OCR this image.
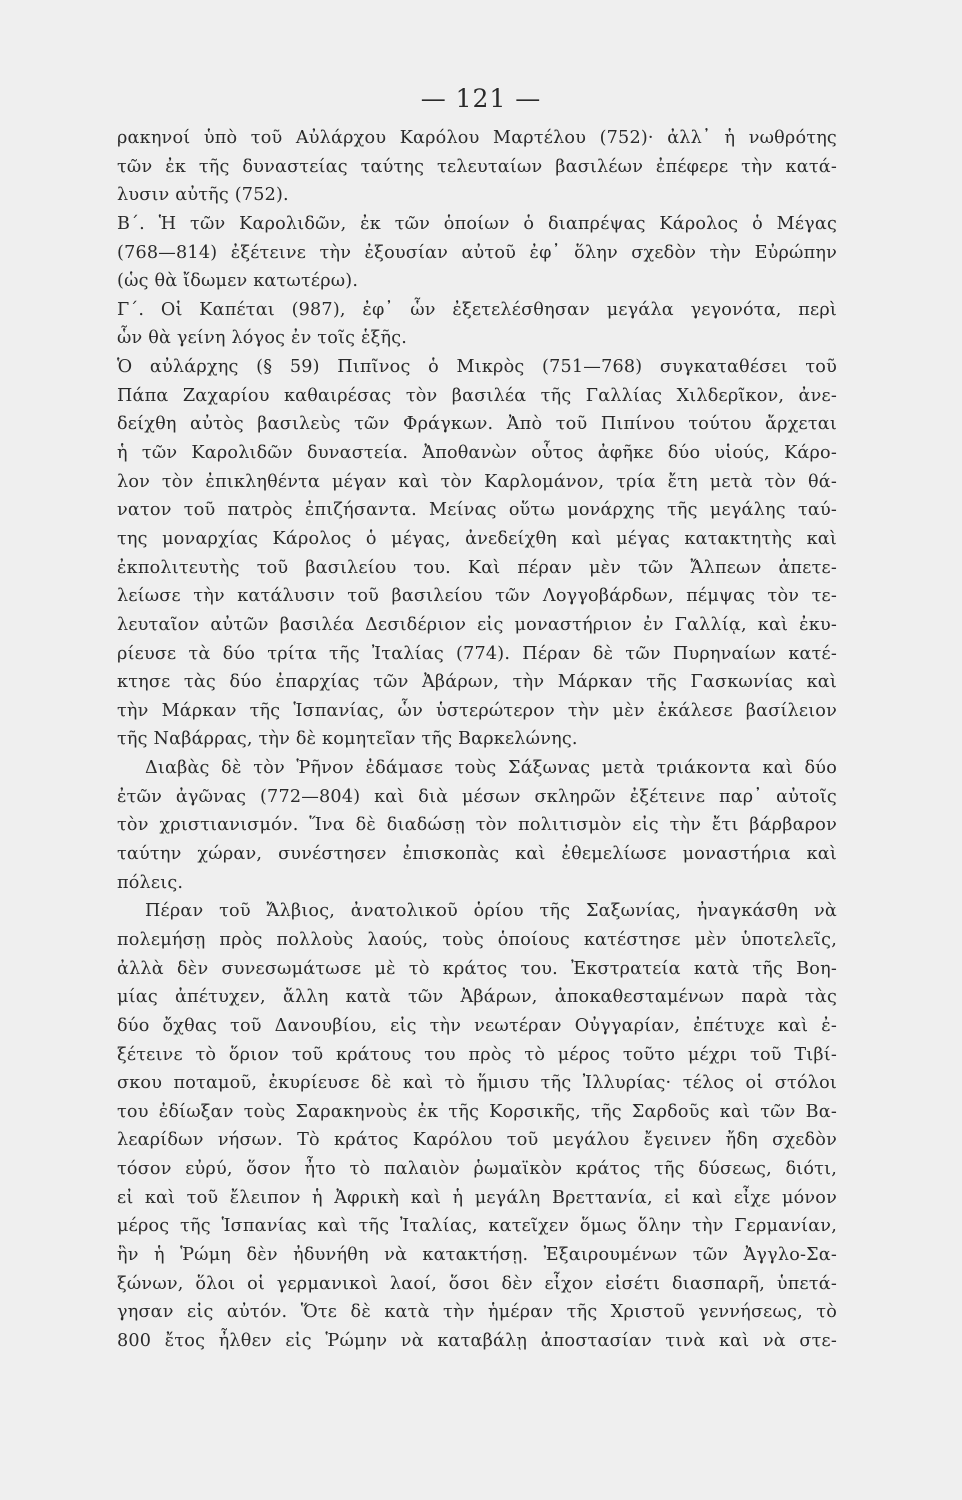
— 121 —
ρακηνοί ὑπὸ τοῦ Αὐλάρχου Καρόλου Μαρτέλου (752)· ἀλλ᾽ ἡ νωθρότης
τῶν ἐκ τῆς δυναστείας ταύτης τελευταίων βασιλέων ἐπέφερε τὴν κατά-
λυσιν αὐτῆς (752).
Β΄. Ἡ τῶν Καρολιδῶν, ἐκ τῶν ὁποίων ὁ διαπρέψας Κάρολος ὁ Μέγας
(768—814) ἐξέτεινε τὴν ἐξουσίαν αὐτοῦ ἐφ᾽ ὅλην σχεδὸν τὴν Εὐρώπην
(ὡς θὰ ἴδωμεν κατωτέρω).
Γ΄. Οἱ Καπέται (987), ἐφ᾽ ὧν ἐξετελέσθησαν μεγάλα γεγονότα, περὶ
ὧν θὰ γείνη λόγος ἐν τοῖς ἑξῆς.
Ὁ αὐλάρχης (§ 59) Πιπῖνος ὁ Μικρὸς (751—768) συγκαταθέσει τοῦ
Πάπα Ζαχαρίου καθαιρέσας τὸν βασιλέα τῆς Γαλλίας Χιλδερῖκον, ἀνε-
δείχθη αὐτὸς βασιλεὺς τῶν Φράγκων. Ἀπὸ τοῦ Πιπίνου τούτου ἄρχεται
ἡ τῶν Καρολιδῶν δυναστεία. Ἀποθανὼν οὗτος ἀφῆκε δύο υἱούς, Κάρο-
λον τὸν ἐπικληθέντα μέγαν καὶ τὸν Καρλομάνον, τρία ἔτη μετὰ τὸν θά-
νατον τοῦ πατρὸς ἐπιζήσαντα. Μείνας οὕτω μονάρχης τῆς μεγάλης ταύ-
της μοναρχίας Κάρολος ὁ μέγας, ἀνεδείχθη καὶ μέγας κατακτητὴς καὶ
ἐκπολιτευτὴς τοῦ βασιλείου του. Καὶ πέραν μὲν τῶν Ἄλπεων ἀπετε-
λείωσε τὴν κατάλυσιν τοῦ βασιλείου τῶν Λογγοβάρδων, πέμψας τὸν τε-
λευταῖον αὐτῶν βασιλέα Δεσιδέριον εἰς μοναστήριον ἐν Γαλλίᾳ, καὶ ἐκυ-
ρίευσε τὰ δύο τρίτα τῆς Ἰταλίας (774). Πέραν δὲ τῶν Πυρηναίων κατέ-
κτησε τὰς δύο ἐπαρχίας τῶν Ἀβάρων, τὴν Μάρκαν τῆς Γασκωνίας καὶ
τὴν Μάρκαν τῆς Ἱσπανίας, ὧν ὑστερώτερον τὴν μὲν ἐκάλεσε βασίλειον
τῆς Ναβάρρας, τὴν δὲ κομητεῖαν τῆς Βαρκελώνης.
Διαβὰς δὲ τὸν Ῥῆνον ἐδάμασε τοὺς Σάξωνας μετὰ τριάκοντα καὶ δύο
ἐτῶν ἀγῶνας (772—804) καὶ διὰ μέσων σκληρῶν ἐξέτεινε παρ᾽ αὐτοῖς
τὸν χριστιανισμόν. Ἵνα δὲ διαδώσῃ τὸν πολιτισμὸν εἰς τὴν ἔτι βάρβαρον
ταύτην χώραν, συνέστησεν ἐπισκοπὰς καὶ ἐθεμελίωσε μοναστήρια καὶ
πόλεις.
Πέραν τοῦ Ἄλβιος, ἀνατολικοῦ ὁρίου τῆς Σαξωνίας, ἠναγκάσθη νὰ
πολεμήσῃ πρὸς πολλοὺς λαούς, τοὺς ὁποίους κατέστησε μὲν ὑποτελεῖς,
ἀλλὰ δὲν συνεσωμάτωσε μὲ τὸ κράτος του. Ἐκστρατεία κατὰ τῆς Βοη-
μίας ἀπέτυχεν, ἄλλη κατὰ τῶν Ἀβάρων, ἀποκαθεσταμένων παρὰ τὰς
δύο ὄχθας τοῦ Δανουβίου, εἰς τὴν νεωτέραν Οὐγγαρίαν, ἐπέτυχε καὶ ἐ-
ξέτεινε τὸ ὅριον τοῦ κράτους του πρὸς τὸ μέρος τοῦτο μέχρι τοῦ Τιβί-
σκου ποταμοῦ, ἐκυρίευσε δὲ καὶ τὸ ἥμισυ τῆς Ἰλλυρίας· τέλος οἱ στόλοι
του ἐδίωξαν τοὺς Σαρακηνοὺς ἐκ τῆς Κορσικῆς, τῆς Σαρδοῦς καὶ τῶν Βα-
λεαρίδων νήσων. Τὸ κράτος Καρόλου τοῦ μεγάλου ἔγεινεν ἤδη σχεδὸν
τόσον εὐρύ, ὅσον ἦτο τὸ παλαιὸν ῥωμαϊκὸν κράτος τῆς δύσεως, διότι,
εἰ καὶ τοῦ ἔλειπον ἡ Ἀφρικὴ καὶ ἡ μεγάλη Βρεττανία, εἰ καὶ εἶχε μόνον
μέρος τῆς Ἱσπανίας καὶ τῆς Ἰταλίας, κατεῖχεν ὅμως ὅλην τὴν Γερμανίαν,
ἣν ἡ Ῥώμη δὲν ἠδυνήθη νὰ κατακτήσῃ. Ἐξαιρουμένων τῶν Ἀγγλο-Σα-
ξώνων, ὅλοι οἱ γερμανικοὶ λαοί, ὅσοι δὲν εἶχον εἰσέτι διασπαρῆ, ὑπετά-
γησαν εἰς αὐτόν. Ὅτε δὲ κατὰ τὴν ἡμέραν τῆς Χριστοῦ γεννήσεως, τὸ
800 ἔτος ἦλθεν εἰς Ῥώμην νὰ καταβάλῃ ἀποστασίαν τινὰ καὶ νὰ στε-
